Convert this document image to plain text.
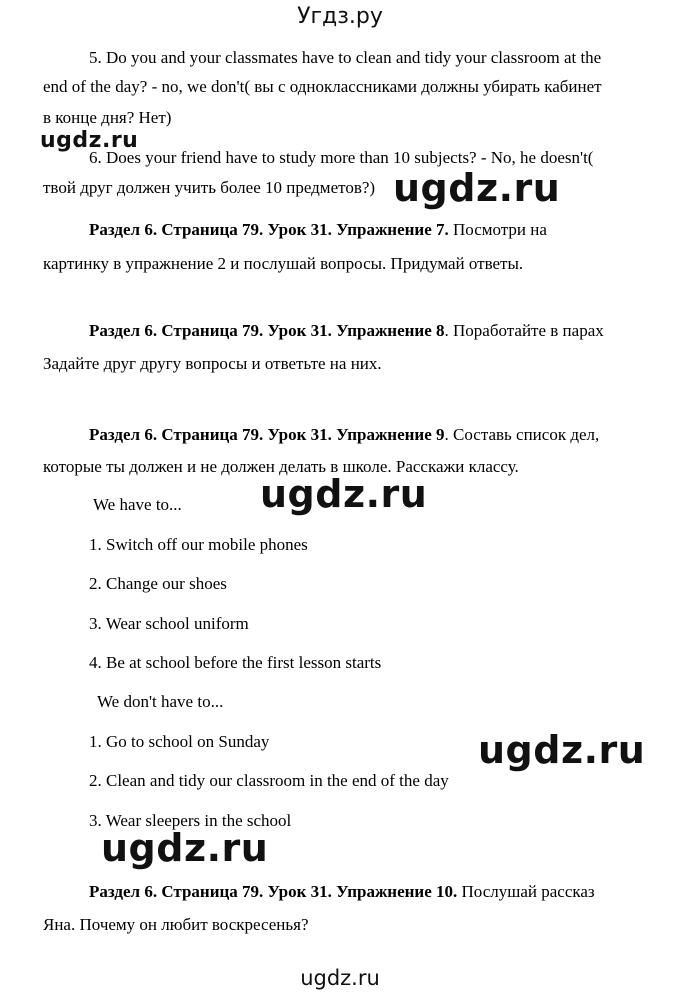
Угдз.ру
5. Do you and your classmates have to clean and tidy your classroom at the
end of the day? - no, we don't( вы с одноклассниками должны убирать кабинет
в конце дня? Нет)
ugdz.ru
6. Does your friend have to study more than 10 subjects? - No, he doesn't(
твой друг должен учить более 10 предметов?) ugdz.ru
Раздел 6. Страница 79. Урок 31. Упражнение 7. Посмотри на
картинку в упражнение 2 и послушай вопросы. Придумай ответы.
Раздел 6. Страница 79. Урок 31. Упражнение 8. Поработайте в парах
Задайте друг другу вопросы и ответьте на них.
Раздел 6. Страница 79. Урок 31. Упражнение 9. Составь список дел,
которые ты должен и не должен делать в школе. Расскажи классу.
ugdz.ru
We have to...
1. Switch off our mobile phones
2. Change our shoes
3. Wear school uniform
4. Be at school before the first lesson starts
We don't have to...
1. Go to school on Sunday	ugdz.ru
2. Clean and tidy our classroom in the end of the day
3. Wear sleepers in the school
ugdz.ru
Раздел 6. Страница 79. Урок 31. Упражнение 10. Послушай рассказ
Яна. Почему он любит воскресенья?
ugdz.ru
